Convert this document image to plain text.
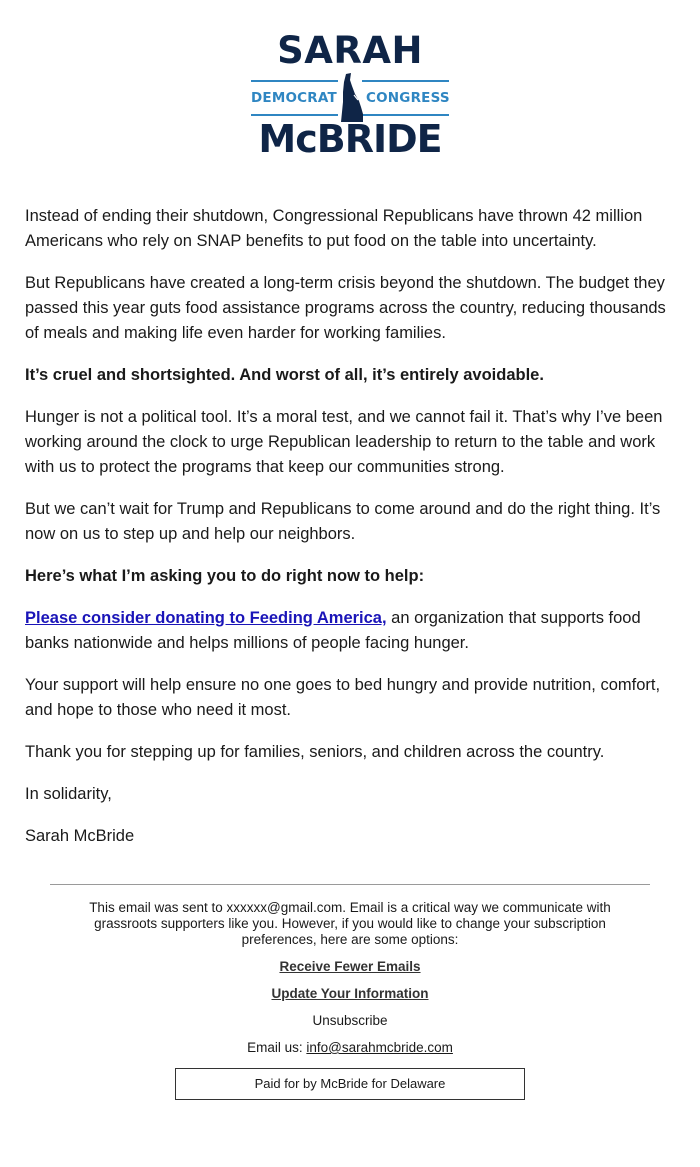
SARAH
DEMOCRAT CONGRESS
McBRIDE

Instead of ending their shutdown, Congressional Republicans have thrown 42 million Americans who rely on SNAP benefits to put food on the table into uncertainty.

But Republicans have created a long-term crisis beyond the shutdown. The budget they passed this year guts food assistance programs across the country, reducing thousands of meals and making life even harder for working families.

It’s cruel and shortsighted. And worst of all, it’s entirely avoidable.

Hunger is not a political tool. It’s a moral test, and we cannot fail it. That’s why I’ve been working around the clock to urge Republican leadership to return to the table and work with us to protect the programs that keep our communities strong.

But we can’t wait for Trump and Republicans to come around and do the right thing. It’s now on us to step up and help our neighbors.

Here’s what I’m asking you to do right now to help:

Please consider donating to Feeding America, an organization that supports food banks nationwide and helps millions of people facing hunger.

Your support will help ensure no one goes to bed hungry and provide nutrition, comfort, and hope to those who need it most.

Thank you for stepping up for families, seniors, and children across the country.

In solidarity,

Sarah McBride

This email was sent to xxxxxx@gmail.com. Email is a critical way we communicate with grassroots supporters like you. However, if you would like to change your subscription preferences, here are some options:
Receive Fewer Emails
Update Your Information
Unsubscribe
Email us: info@sarahmcbride.com
Paid for by McBride for Delaware
